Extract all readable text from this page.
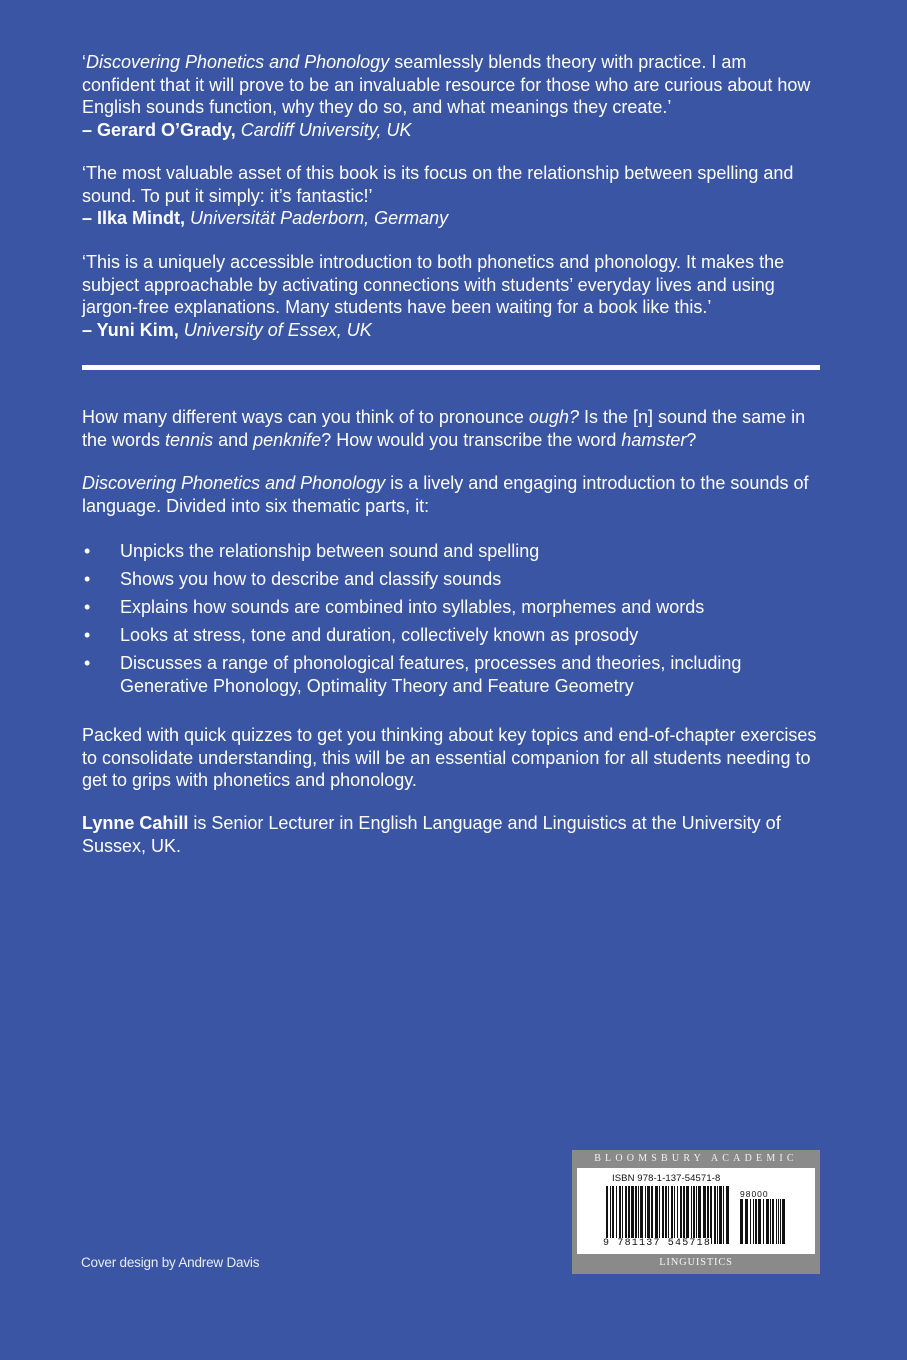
‘Discovering Phonetics and Phonology seamlessly blends theory with practice. I am confident that it will prove to be an invaluable resource for those who are curious about how English sounds function, why they do so, and what meanings they create.’

– Gerard O’Grady, Cardiff University, UK

‘The most valuable asset of this book is its focus on the relationship between spelling and sound. To put it simply: it’s fantastic!’

– Ilka Mindt, Universität Paderborn, Germany

‘This is a uniquely accessible introduction to both phonetics and phonology. It makes the subject approachable by activating connections with students’ everyday lives and using jargon-free explanations. Many students have been waiting for a book like this.’

– Yuni Kim, University of Essex, UK

How many different ways can you think of to pronounce ough? Is the [n] sound the same in the words tennis and penknife? How would you transcribe the word hamster?

Discovering Phonetics and Phonology is a lively and engaging introduction to the sounds of language. Divided into six thematic parts, it:

• Unpicks the relationship between sound and spelling
• Shows you how to describe and classify sounds
• Explains how sounds are combined into syllables, morphemes and words
• Looks at stress, tone and duration, collectively known as prosody
• Discusses a range of phonological features, processes and theories, including Generative Phonology, Optimality Theory and Feature Geometry

Packed with quick quizzes to get you thinking about key topics and end-of-chapter exercises to consolidate understanding, this will be an essential companion for all students needing to get to grips with phonetics and phonology.

Lynne Cahill is Senior Lecturer in English Language and Linguistics at the University of Sussex, UK.

Cover design by Andrew Davis
BLOOMSBURY ACADEMIC
ISBN 978-1-137-54571-8
98000
9 781137 545718
LINGUISTICS
